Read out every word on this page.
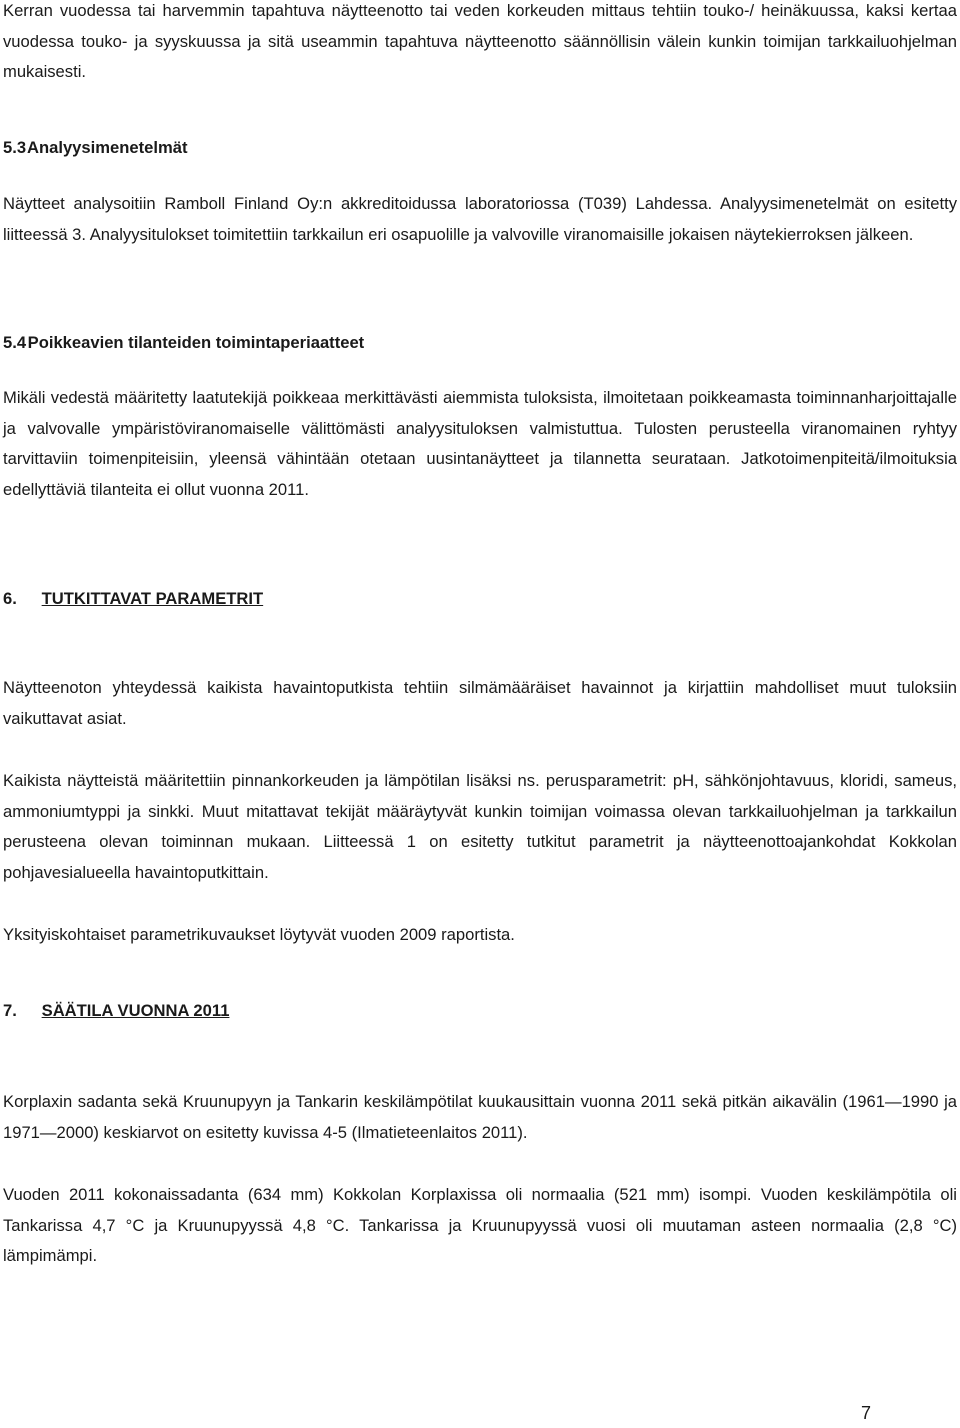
Kerran vuodessa tai harvemmin tapahtuva näytteenotto tai veden korkeuden mittaus tehtiin touko-/ heinäkuussa, kaksi kertaa vuodessa touko- ja syyskuussa ja sitä useammin tapahtuva näytteenotto säännöllisin välein kunkin toimijan tarkkailuohjelman mukaisesti.

5.3 Analyysimenetelmät

Näytteet analysoitiin Ramboll Finland Oy:n akkreditoidussa laboratoriossa (T039) Lahdessa. Analyysimenetelmät on esitetty liitteessä 3. Analyysitulokset toimitettiin tarkkailun eri osapuolille ja valvoville viranomaisille jokaisen näytekierroksen jälkeen.

5.4 Poikkeavien tilanteiden toimintaperiaatteet

Mikäli vedestä määritetty laatutekijä poikkeaa merkittävästi aiemmista tuloksista, ilmoitetaan poikkeamasta toiminnanharjoittajalle ja valvovalle ympäristöviranomaiselle välittömästi analyysituloksen valmistuttua. Tulosten perusteella viranomainen ryhtyy tarvittaviin toimenpiteisiin, yleensä vähintään otetaan uusintanäytteet ja tilannetta seurataan. Jatkotoimenpiteitä/ilmoituksia edellyttäviä tilanteita ei ollut vuonna 2011.

6. TUTKITTAVAT PARAMETRIT

Näytteenoton yhteydessä kaikista havaintoputkista tehtiin silmämääräiset havainnot ja kirjattiin mahdolliset muut tuloksiin vaikuttavat asiat.

Kaikista näytteistä määritettiin pinnankorkeuden ja lämpötilan lisäksi ns. perusparametrit: pH, sähkönjohtavuus, kloridi, sameus, ammoniumtyppi ja sinkki. Muut mitattavat tekijät määräytyvät kunkin toimijan voimassa olevan tarkkailuohjelman ja tarkkailun perusteena olevan toiminnan mukaan. Liitteessä 1 on esitetty tutkitut parametrit ja näytteenottoajankohdat Kokkolan pohjavesialueella havaintoputkittain.

Yksityiskohtaiset parametrikuvaukset löytyvät vuoden 2009 raportista.

7. SÄÄTILA VUONNA 2011

Korplaxin sadanta sekä Kruunupyyn ja Tankarin keskilämpötilat kuukausittain vuonna 2011 sekä pitkän aikavälin (1961—1990 ja 1971—2000) keskiarvot on esitetty kuvissa 4-5 (Ilmatieteenlaitos 2011).

Vuoden 2011 kokonaissadanta (634 mm) Kokkolan Korplaxissa oli normaalia (521 mm) isompi. Vuoden keskilämpötila oli Tankarissa 4,7 °C ja Kruunupyyssä 4,8 °C. Tankarissa ja Kruunupyyssä vuosi oli muutaman asteen normaalia (2,8 °C) lämpimämpi.

7
